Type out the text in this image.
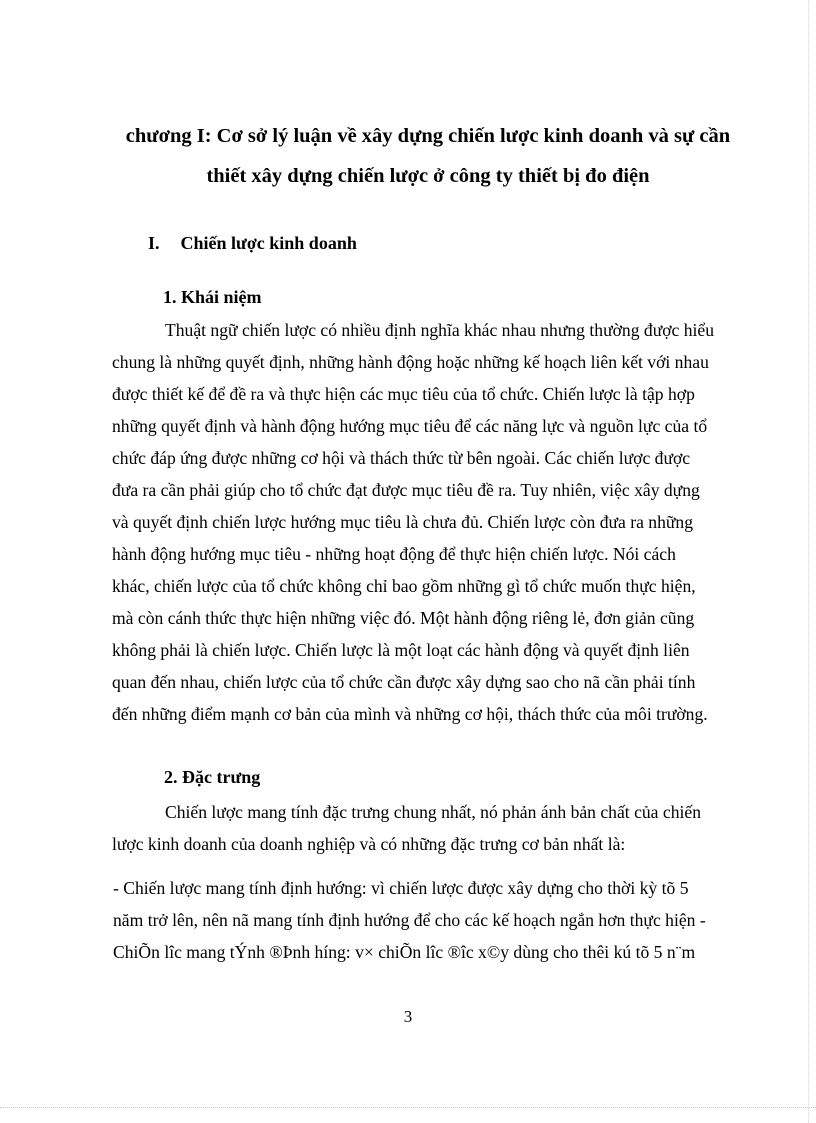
chương I: Cơ sở lý luận về xây dựng chiến lược kinh doanh và sự cần
thiết xây dựng chiến lược ở công ty thiết bị đo điện
I. Chiến lược kinh doanh
1. Khái niệm

Thuật ngữ chiến lược có nhiều định nghĩa khác nhau nhưng thường được hiểu
chung là những quyết định, những hành động hoặc những kế hoạch liên kết với nhau
được thiết kế để đề ra và thực hiện các mục tiêu của tổ chức. Chiến lược là tập hợp
những quyết định và hành động hướng mục tiêu để các năng lực và nguồn lực của tổ
chức đáp ứng được những cơ hội và thách thức từ bên ngoài. Các chiến lược được
đưa ra cần phải giúp cho tổ chức đạt được mục tiêu đề ra. Tuy nhiên, việc xây dựng
và quyết định chiến lược hướng mục tiêu là chưa đủ. Chiến lược còn đưa ra những
hành động hướng mục tiêu - những hoạt động để thực hiện chiến lược. Nói cách
khác, chiến lược của tổ chức không chỉ bao gồm những gì tổ chức muốn thực hiện,
mà còn cánh thức thực hiện những việc đó. Một hành động riêng lẻ, đơn giản cũng
không phải là chiến lược. Chiến lược là một loạt các hành động và quyết định liên
quan đến nhau, chiến lược của tổ chức cần được xây dựng sao cho nã cần phải tính
đến những điểm mạnh cơ bản của mình và những cơ hội, thách thức của môi trường.

2. Đặc trưng

Chiến lược mang tính đặc trưng chung nhất, nó phản ánh bản chất của chiến
lược kinh doanh của doanh nghiệp và có những đặc trưng cơ bản nhất là:

- Chiến lược mang tính định hướng: vì chiến lược được xây dựng cho thời kỳ tõ 5
năm trở lên, nên nã mang tính định hướng để cho các kế hoạch ngắn hơn thực hiện -
ChiÕn lîc mang tÝnh ®Þnh híng: v× chiÕn lîc ®îc x©y dùng cho thêi kú tõ 5 n¨m

3
